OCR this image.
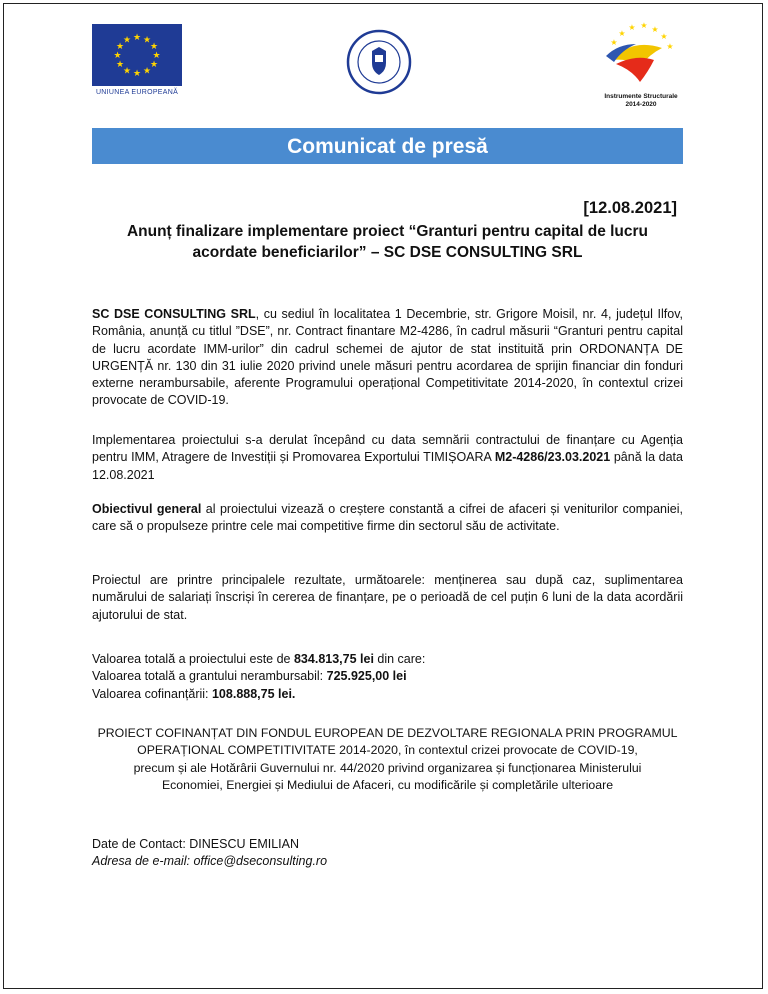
★ ★
★
★
★
★
★
★
★
★
★
★
UNIUNEA EUROPEANĂ

★ ★ ★
★
★
★
★
Instrumente Structurale
2014-2020
Comunicat de presă
[12.08.2021]
Anunț finalizare implementare proiect “Granturi pentru capital de lucru
acordate beneficiarilor” – SC DSE CONSULTING SRL
SC DSE CONSULTING SRL, cu sediul în localitatea 1 Decembrie, str. Grigore Moisil, nr. 4, județul Ilfov, România, anunță cu titlul ”DSE”, nr. Contract finantare M2-4286, în cadrul măsurii “Granturi pentru capital de lucru acordate IMM-urilor” din cadrul schemei de ajutor de stat instituită prin ORDONANȚA DE URGENȚĂ nr. 130 din 31 iulie 2020 privind unele măsuri pentru acordarea de sprijin financiar din fonduri externe nerambursabile, aferente Programului operațional Competitivitate 2014-2020, în contextul crizei provocate de COVID-19.
Implementarea proiectului s-a derulat începând cu data semnării contractului de finanțare cu Agenția pentru IMM, Atragere de Investiții și Promovarea Exportului TIMIȘOARA M2-4286/23.03.2021 până la data 12.08.2021
Obiectivul general al proiectului vizează o creștere constantă a cifrei de afaceri și veniturilor companiei, care să o propulseze printre cele mai competitive firme din sectorul său de activitate.
Proiectul are printre principalele rezultate, următoarele: menținerea sau după caz, suplimentarea numărului de salariați înscriși în cererea de finanțare, pe o perioadă de cel puțin 6 luni de la data acordării ajutorului de stat.
Valoarea totală a proiectului este de 834.813,75 lei din care:
Valoarea totală a grantului nerambursabil: 725.925,00 lei
Valoarea cofinanțării: 108.888,75 lei.
PROIECT COFINANȚAT DIN FONDUL EUROPEAN DE DEZVOLTARE REGIONALA PRIN PROGRAMUL
OPERAȚIONAL COMPETITIVITATE 2014-2020, în contextul crizei provocate de COVID-19,
precum și ale Hotărârii Guvernului nr. 44/2020 privind organizarea și funcționarea Ministerului
Economiei, Energiei și Mediului de Afaceri, cu modificările și completările ulterioare
Date de Contact: DINESCU EMILIAN
Adresa de e-mail: office@dseconsulting.ro
